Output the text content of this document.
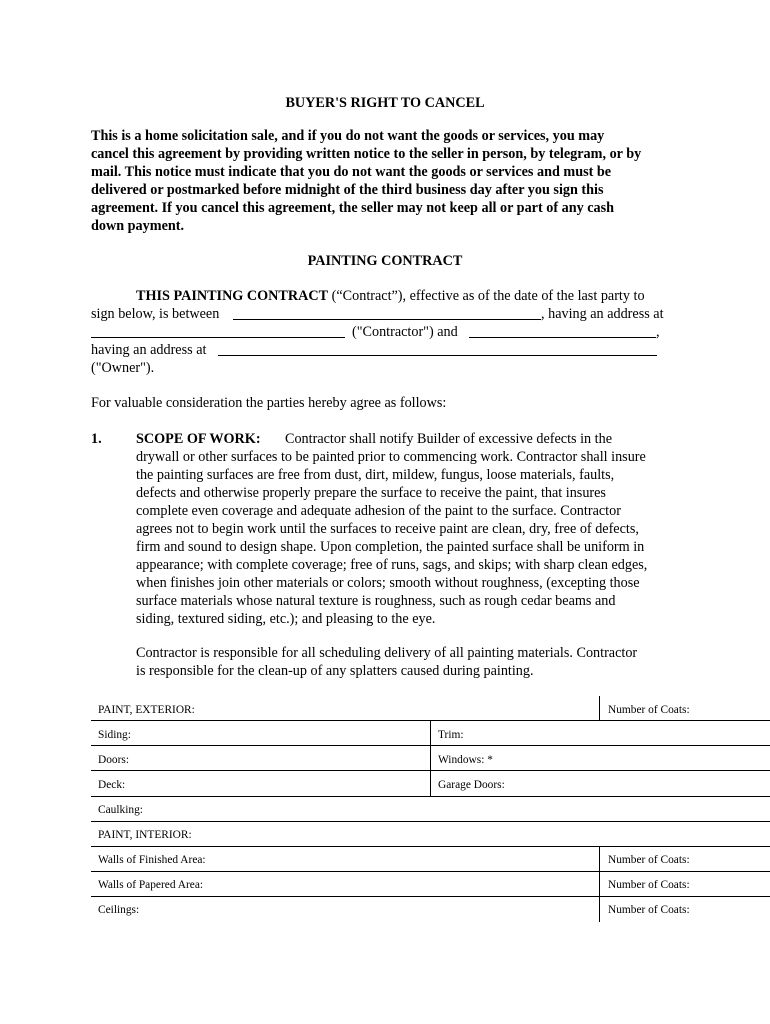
BUYER'S RIGHT TO CANCEL
This is a home solicitation sale, and if you do not want the goods or services, you may
cancel this agreement by providing written notice to the seller in person, by telegram, or by
mail. This notice must indicate that you do not want the goods or services and must be
delivered or postmarked before midnight of the third business day after you sign this
agreement. If you cancel this agreement, the seller may not keep all or part of any cash
down payment.
PAINTING CONTRACT
THIS PAINTING CONTRACT (“Contract”), effective as of the date of the last party to
sign below, is between	, having an address at
("Contractor") and	,
having an address at
("Owner").
For valuable consideration the parties hereby agree as follows:
1. SCOPE OF WORK: Contractor shall notify Builder of excessive defects in the
drywall or other surfaces to be painted prior to commencing work. Contractor shall insure
the painting surfaces are free from dust, dirt, mildew, fungus, loose materials, faults,
defects and otherwise properly prepare the surface to receive the paint, that insures
complete even coverage and adequate adhesion of the paint to the surface. Contractor
agrees not to begin work until the surfaces to receive paint are clean, dry, free of defects,
firm and sound to design shape. Upon completion, the painted surface shall be uniform in
appearance; with complete coverage; free of runs, sags, and skips; with sharp clean edges,
when finishes join other materials or colors; smooth without roughness, (excepting those
surface materials whose natural texture is roughness, such as rough cedar beams and
siding, textured siding, etc.); and pleasing to the eye.
Contractor is responsible for all scheduling delivery of all painting materials. Contractor
is responsible for the clean-up of any splatters caused during painting.
PAINT, EXTERIOR:	Number of Coats:
Siding:	Trim:
Doors:	Windows: *
Deck:	Garage Doors:
Caulking:
PAINT, INTERIOR:
Walls of Finished Area:	Number of Coats:
Walls of Papered Area:	Number of Coats:
Ceilings:	Number of Coats:
